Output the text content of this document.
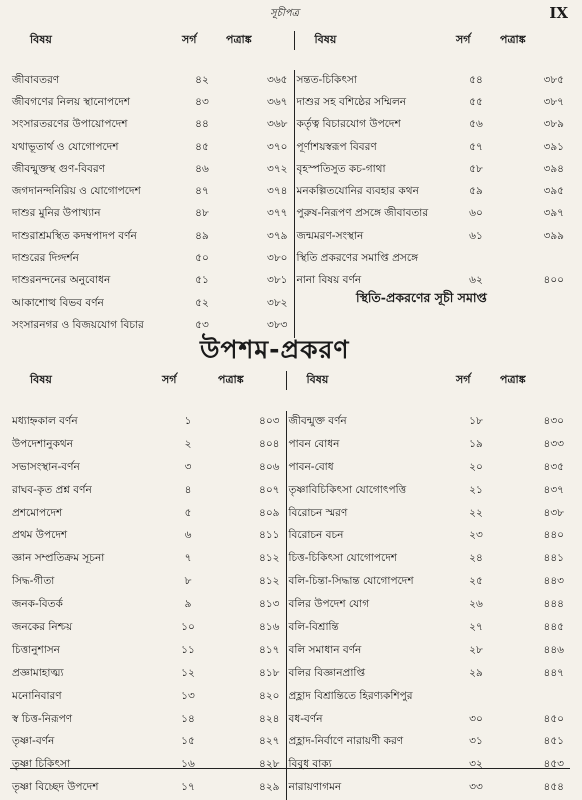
সূচীপত্র	IX
বিষয়	সর্গ	পত্রাঙ্ক	বিষয়	সর্গ	পত্রাঙ্ক
জীবাবতরণ	৪২	৩৬৫	সন্তত-চিকিৎসা	৫৪	৩৮৫
জীবগণের নিলয় স্থানোপদেশ	৪৩	৩৬৭	দাশুর সহ বশিষ্ঠের সম্মিলন	৫৫	৩৮৭
সংসারতরণের উপায়োপদেশ	৪৪	৩৬৮	কর্তৃত্ব বিচারযোগ উপদেশ	৫৬	৩৮৯
যথাভূতার্থ ও যোগোপদেশ	৪৫	৩৭০	পূর্ণাশয়স্বরূপ বিবরণ	৫৭	৩৯১
জীবন্মুক্তস্থ গুণ-বিবরণ	৪৬	৩৭২	বৃহস্পতিসুত কচ-গাথা	৫৮	৩৯৪
জগদানন্দনিরিয় ও যোগোপদেশ	৪৭	৩৭৪	মনকল্পিতযোনির ব্যবহার কথন	৫৯	৩৯৫
দাশুর মুনির উপাখ্যান	৪৮	৩৭৭	পুরুষ-নিরূপণ প্রসঙ্গে জীবাবতার	৬০	৩৯৭
দাশুরাশ্রমস্থিত কদম্বপাদপ বর্ণন	৪৯	৩৭৯	জন্মমরণ-সংস্থান	৬১	৩৯৯
দাশুরের দিগ্দর্শন	৫০	৩৮০	স্থিতি প্রকরণের সমাপ্তি প্রসঙ্গে		
দাশুরনন্দনের অনুবোধন	৫১	৩৮১	নানা বিষয় বর্ণন	৬২	৪০০
আকাশোত্থ বিভব বর্ণন	৫২	৩৮২			
সংসারনগর ও বিজয়যোগ বিচার	৫৩	৩৮৩			
স্থিতি-প্রকরণের সূচী সমাপ্ত
উপশম-প্রকরণ
বিষয়	সর্গ	পত্রাঙ্ক	বিষয়	সর্গ	পত্রাঙ্ক
মধ্যাহ্নকাল বর্ণন	১	৪০৩	জীবন্মুক্ত বর্ণন	১৮	৪৩০
উপদেশানুকথন	২	৪০৪	পাবন বোধন	১৯	৪৩৩
সভাসংস্থান-বর্ণন	৩	৪০৬	পাবন-বোধ	২০	৪৩৫
রাঘব-কৃত প্রশ্ন বর্ণন	৪	৪০৭	তৃষ্ণাবিচিকিৎসা যোগোৎপত্তি	২১	৪৩৭
প্রশমোপদেশ	৫	৪০৯	বিরোচন স্মরণ	২২	৪৩৮
প্রথম উপদেশ	৬	৪১১	বিরোচন বচন	২৩	৪৪০
জ্ঞান সম্প্রতিক্রম সূচনা	৭	৪১২	চিত্ত-চিকিৎসা যোগোপদেশ	২৪	৪৪১
সিদ্ধ-গীতা	৮	৪১২	বলি-চিন্তা-সিদ্ধান্ত যোগোপদেশ	২৫	৪৪৩
জনক-বিতর্ক	৯	৪১৩	বলির উপদেশ যোগ	২৬	৪৪৪
জনকের নিশ্চয়	১০	৪১৬	বলি-বিশ্রান্তি	২৭	৪৪৫
চিত্তানুশাসন	১১	৪১৭	বলি সমাধান বর্ণন	২৮	৪৪৬
প্রজ্ঞামাহাত্ম্য	১২	৪১৮	বলির বিজ্ঞানপ্রাপ্তি	২৯	৪৪৭
মনোনিবারণ	১৩	৪২০	প্রহ্লাদ বিশ্রান্তিতে হিরণ্যকশিপুর		
স্ব চিত্ত-নিরূপণ	১৪	৪২৪	বধ-বর্ণন	৩০	৪৫০
তৃষ্ণা-বর্ণন	১৫	৪২৭	প্রহ্লাদ-নির্বাণে নারায়ণী করণ	৩১	৪৫১
তৃষ্ণা চিকিৎসা	১৬	৪২৮	বিবুধ বাক্য	৩২	৪৫৩
তৃষ্ণা বিচ্ছেদ উপদেশ	১৭	৪২৯	নারায়ণাগমন	৩৩	৪৫৪
